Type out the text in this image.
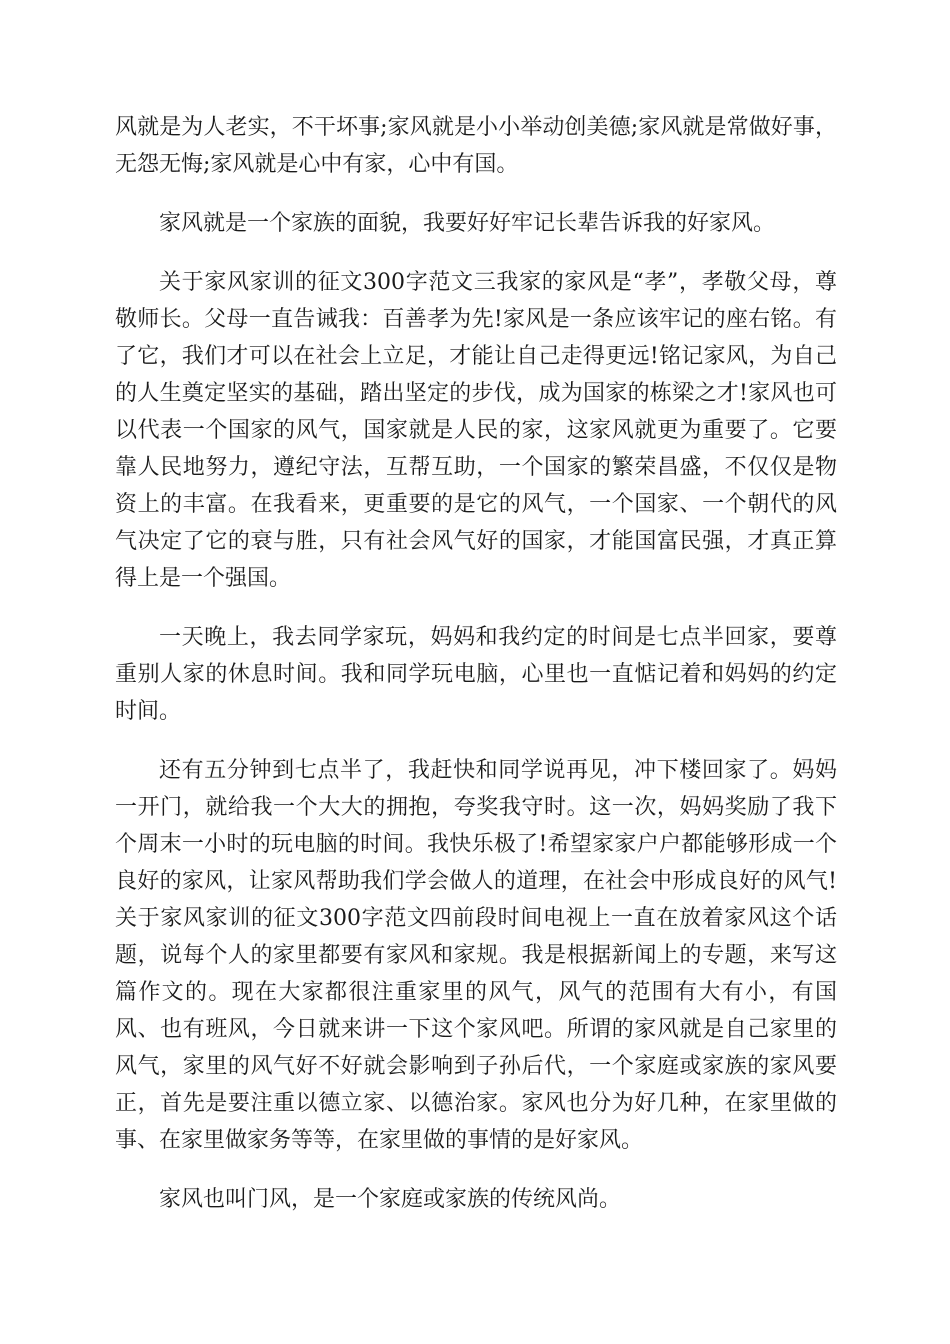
风就是为人老实，不干坏事;家风就是小小举动创美德;家风就是常做好事，无怨无悔;家风就是心中有家，心中有国。

家风就是一个家族的面貌，我要好好牢记长辈告诉我的好家风。

关于家风家训的征文300字范文三我家的家风是“孝”，孝敬父母，尊敬师长。父母一直告诫我：百善孝为先!家风是一条应该牢记的座右铭。有了它，我们才可以在社会上立足，才能让自己走得更远!铭记家风，为自己的人生奠定坚实的基础，踏出坚定的步伐，成为国家的栋梁之才!家风也可以代表一个国家的风气，国家就是人民的家，这家风就更为重要了。它要靠人民地努力，遵纪守法，互帮互助，一个国家的繁荣昌盛，不仅仅是物资上的丰富。在我看来，更重要的是它的风气，一个国家、一个朝代的风气决定了它的衰与胜，只有社会风气好的国家，才能国富民强，才真正算得上是一个强国。

一天晚上，我去同学家玩，妈妈和我约定的时间是七点半回家，要尊重别人家的休息时间。我和同学玩电脑，心里也一直惦记着和妈妈的约定时间。

还有五分钟到七点半了，我赶快和同学说再见，冲下楼回家了。妈妈一开门，就给我一个大大的拥抱，夸奖我守时。这一次，妈妈奖励了我下个周末一小时的玩电脑的时间。我快乐极了!希望家家户户都能够形成一个良好的家风，让家风帮助我们学会做人的道理，在社会中形成良好的风气!关于家风家训的征文300字范文四前段时间电视上一直在放着家风这个话题，说每个人的家里都要有家风和家规。我是根据新闻上的专题，来写这篇作文的。现在大家都很注重家里的风气，风气的范围有大有小，有国风、也有班风，今日就来讲一下这个家风吧。所谓的家风就是自己家里的风气，家里的风气好不好就会影响到子孙后代，一个家庭或家族的家风要正，首先是要注重以德立家、以德治家。家风也分为好几种，在家里做的事、在家里做家务等等，在家里做的事情的是好家风。

家风也叫门风，是一个家庭或家族的传统风尚。
